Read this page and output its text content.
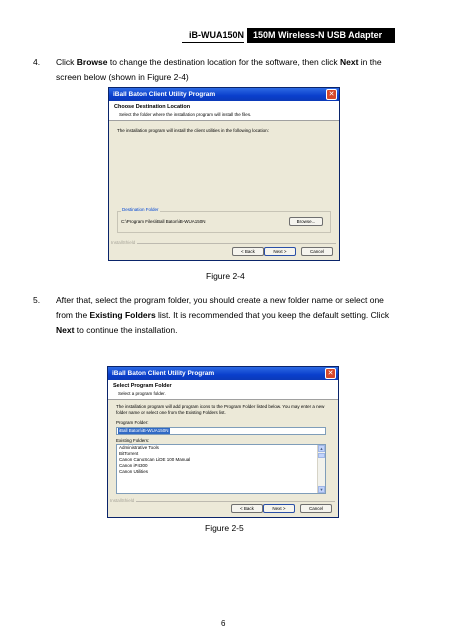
iB-WUA150N	150M Wireless-N USB Adapter
4. Click Browse to change the destination location for the software, then click Next in the screen below (shown in Figure 2-4)
iBall Baton Client Utility Program	✕
Choose Destination Location
Select the folder where the installation program will install the files.
The installation program will install the client utilities in the following location:
Destination Folder
C:\Program Files\iBall Baton\iB-WUA150N	Browse...
InstallShield
< Back	Next >	Cancel
Figure 2-4
5. After that, select the program folder, you should create a new folder name or select one from the Existing Folders list. It is recommended that you keep the default setting. Click Next to continue the installation.
iBall Baton Client Utility Program	✕
Select Program Folder
Select a program folder.
The installation program will add program icons to the Program Folder listed below. You may enter a new folder name or select one from the Existing Folders list.
Program Folder:
iBall Baton\iB-WUA150N
Existing Folders:
Administrative Tools
BitTorrent
Canon CanoScan LiDE 100 Manual
Canon iP4300
Canon Utilities
▲
▼
InstallShield
< Back	Next >	Cancel
Figure 2-5
6
